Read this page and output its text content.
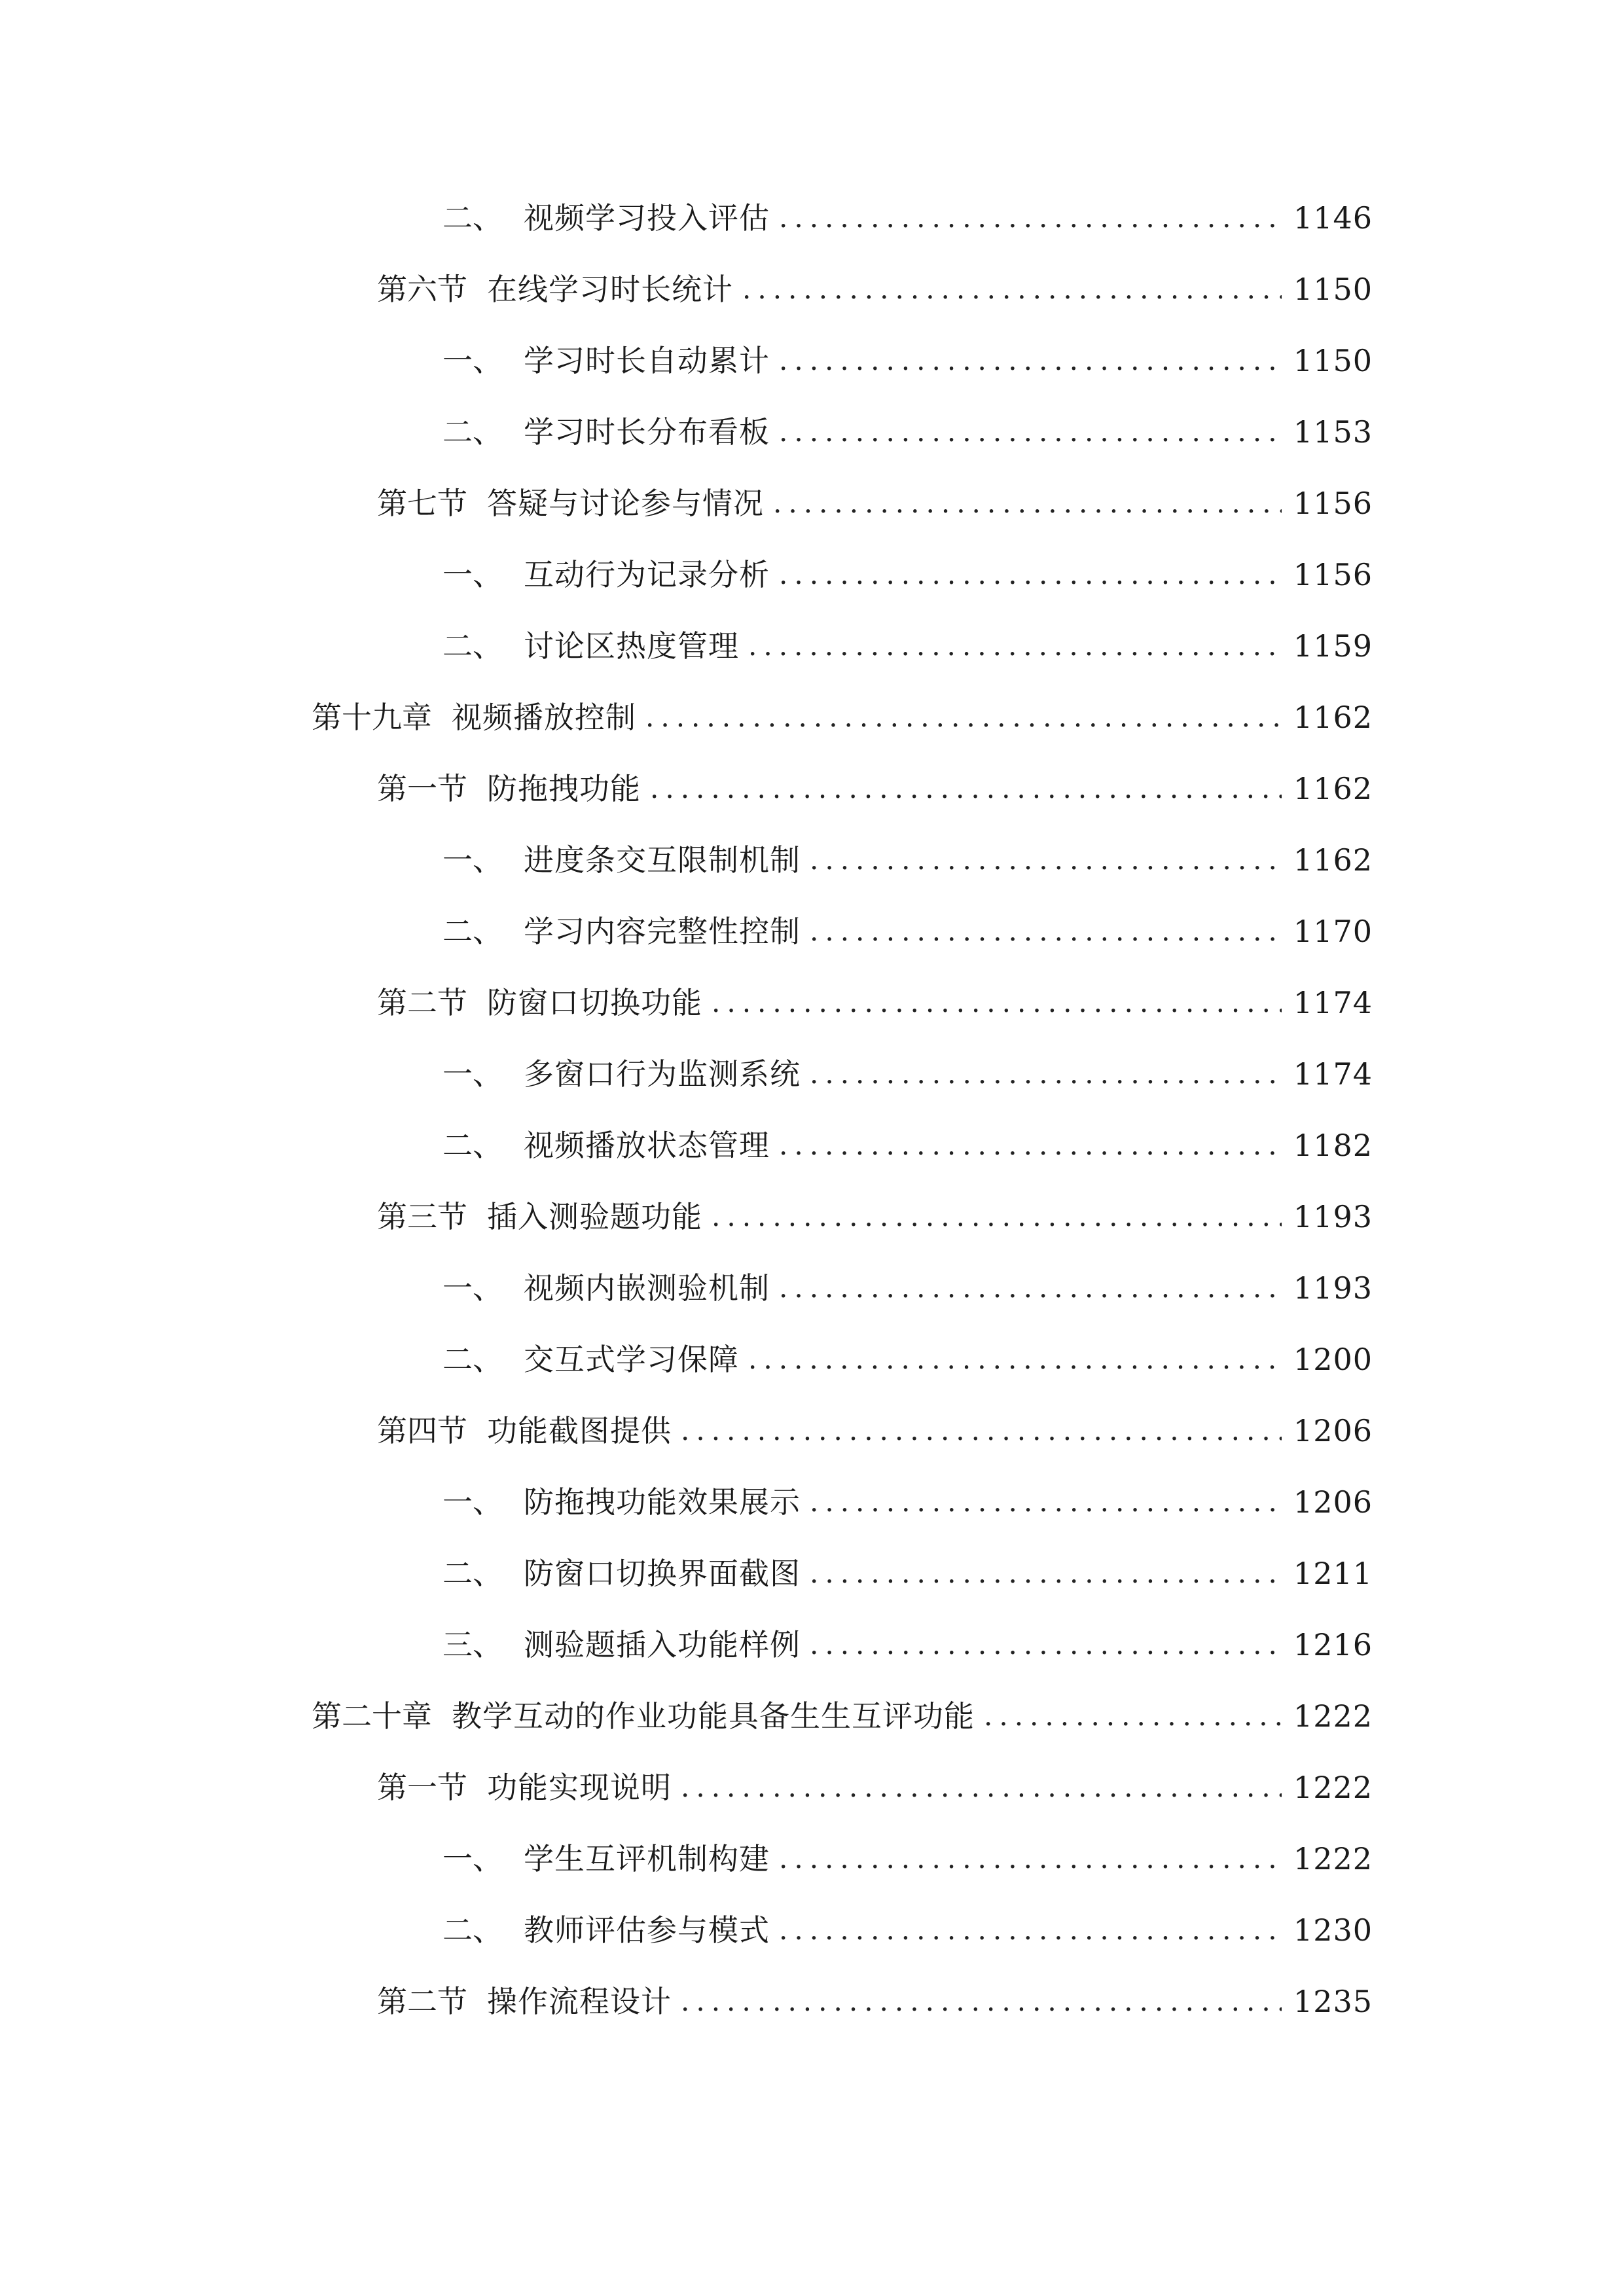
二、 视频学习投入评估 .....	1146
第六节 在线学习时长统计 .....	1150
一、 学习时长自动累计 .....	1150
二、 学习时长分布看板 .....	1153
第七节 答疑与讨论参与情况 .....	1156
一、 互动行为记录分析 .....	1156
二、 讨论区热度管理 .....	1159
第十九章 视频播放控制 .....	1162
第一节 防拖拽功能 .....	1162
一、 进度条交互限制机制 .....	1162
二、 学习内容完整性控制 .....	1170
第二节 防窗口切换功能 .....	1174
一、 多窗口行为监测系统 .....	1174
二、 视频播放状态管理 .....	1182
第三节 插入测验题功能 .....	1193
一、 视频内嵌测验机制 .....	1193
二、 交互式学习保障 .....	1200
第四节 功能截图提供 .....	1206
一、 防拖拽功能效果展示 .....	1206
二、 防窗口切换界面截图 .....	1211
三、 测验题插入功能样例 .....	1216
第二十章 教学互动的作业功能具备生生互评功能 .....	1222
第一节 功能实现说明 .....	1222
一、 学生互评机制构建 .....	1222
二、 教师评估参与模式 .....	1230
第二节 操作流程设计 .....	1235
